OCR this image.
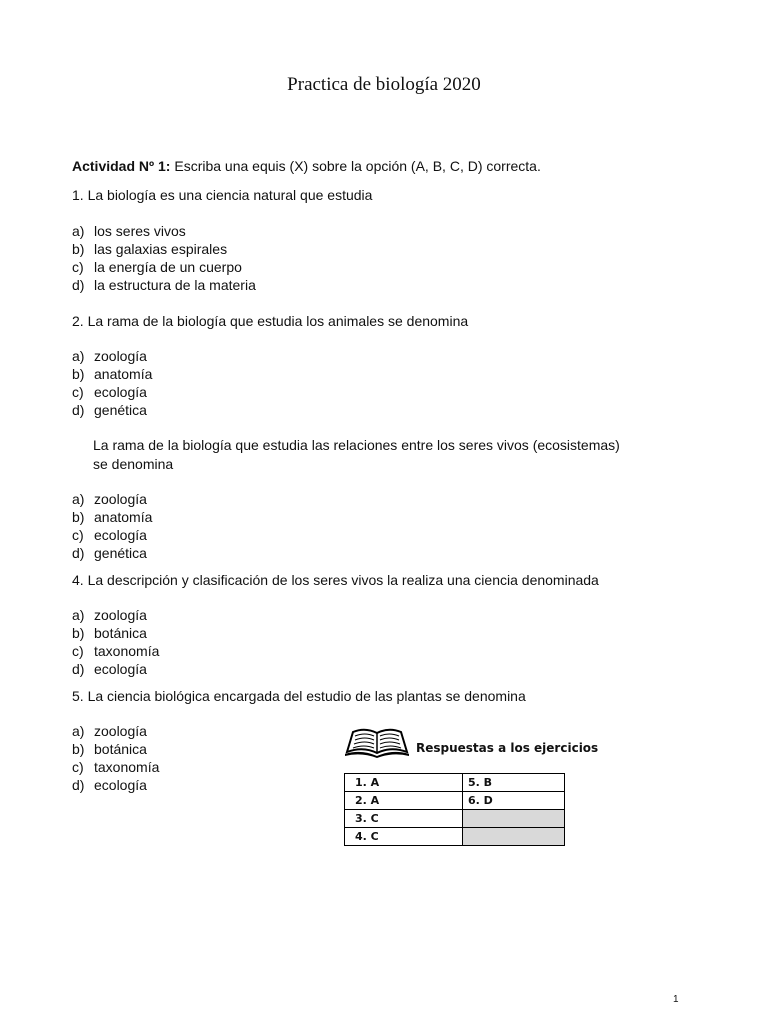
Practica de biología 2020
Actividad Nº 1: Escriba una equis (X) sobre la opción (A, B, C, D) correcta.
1. La biología es una ciencia natural que estudia
a) los seres vivos
b) las galaxias espirales
c) la energía de un cuerpo
d) la estructura de la materia
2. La rama de la biología que estudia los animales se denomina
a) zoología
b) anatomía
c) ecología
d) genética
La rama de la biología que estudia las relaciones entre los seres vivos (ecosistemas)
se denomina
a) zoología
b) anatomía
c) ecología
d) genética
4. La descripción y clasificación de los seres vivos la realiza una ciencia denominada
a) zoología
b) botánica
c) taxonomía
d) ecología
5. La ciencia biológica encargada del estudio de las plantas se denomina
a) zoología
b) botánica
c) taxonomía
d) ecología
Respuestas a los ejercicios
1. A	5. B
2. A	6. D
3. C	
4. C	
1
